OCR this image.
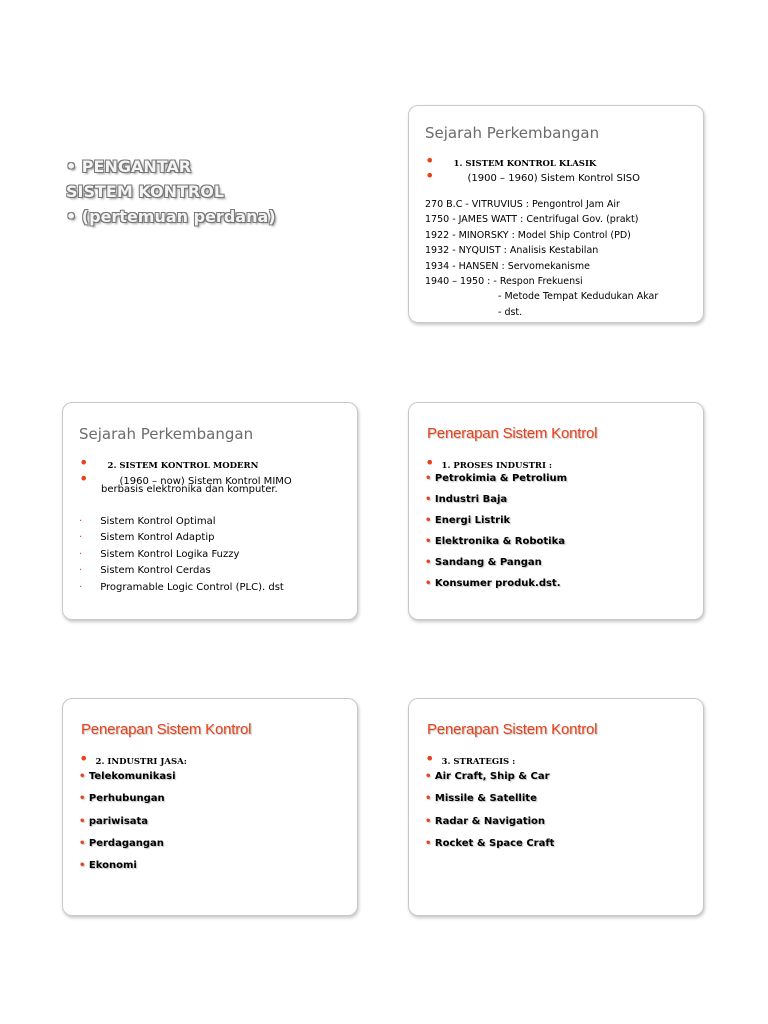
• PENGANTAR
SISTEM KONTROL
• (pertemuan perdana)
Sejarah Perkembangan
• 1. SISTEM KONTROL KLASIK
•	(1900 – 1960) Sistem Kontrol SISO
270 B.C - VITRUVIUS : Pengontrol Jam Air
1750 - JAMES WATT : Centrifugal Gov. (prakt)
1922 - MINORSKY : Model Ship Control (PD)
1932 - NYQUIST : Analisis Kestabilan
1934 - HANSEN : Servomekanisme
1940 – 1950 : - Respon Frekuensi
- Metode Tempat Kedudukan Akar
- dst.
Sejarah Perkembangan
• 2. SISTEM KONTROL MODERN
•	(1960 – now) Sistem Kontrol MIMO
berbasis elektronika dan komputer.
· Sistem Kontrol Optimal
· Sistem Kontrol Adaptip
· Sistem Kontrol Logika Fuzzy
· Sistem Kontrol Cerdas
· Programable Logic Control (PLC). dst
Penerapan Sistem Kontrol
• 1. PROSES INDUSTRI :
• Petrokimia & Petrolium
• Industri Baja
• Energi Listrik
• Elektronika & Robotika
• Sandang & Pangan
• Konsumer produk.dst.
Penerapan Sistem Kontrol
• 2. INDUSTRI JASA:
• Telekomunikasi
• Perhubungan
• pariwisata
• Perdagangan
• Ekonomi
Penerapan Sistem Kontrol
• 3. STRATEGIS :
• Air Craft, Ship & Car
• Missile & Satellite
• Radar & Navigation
• Rocket & Space Craft
